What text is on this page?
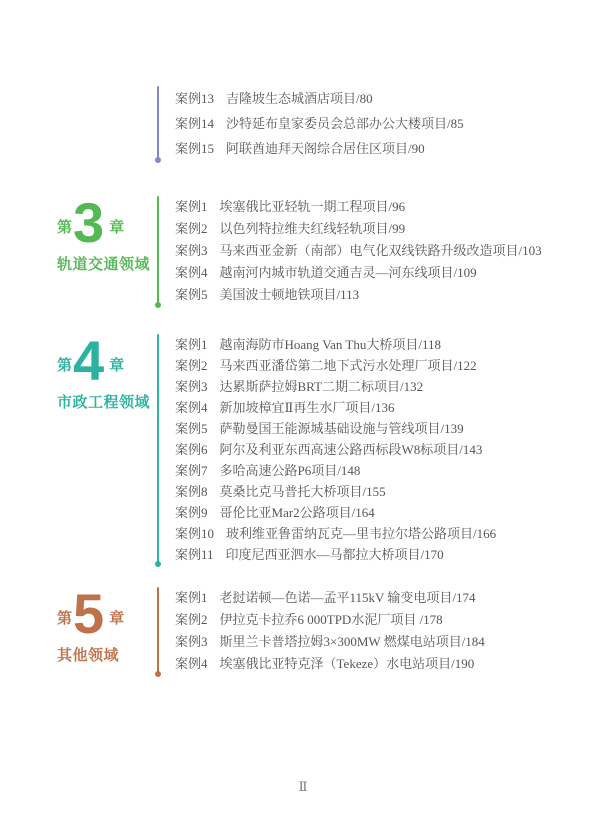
案例13 吉隆坡生态城酒店项目/80
案例14 沙特延布皇家委员会总部办公大楼项目/85
案例15 阿联酋迪拜天阁综合居住区项目/90
第 3 章
轨道交通领域
案例1 埃塞俄比亚轻轨一期工程项目/96
案例2 以色列特拉维夫红线轻轨项目/99
案例3 马来西亚金新（南部）电气化双线铁路升级改造项目/103
案例4 越南河内城市轨道交通吉灵—河东线项目/109
案例5 美国波士顿地铁项目/113
第 4 章
市政工程领域
案例1 越南海防市Hoang Van Thu大桥项目/118
案例2 马来西亚潘岱第二地下式污水处理厂项目/122
案例3 达累斯萨拉姆BRT二期二标项目/132
案例4 新加坡樟宜Ⅱ再生水厂项目/136
案例5 萨勒曼国王能源城基础设施与管线项目/139
案例6 阿尔及利亚东西高速公路西标段W8标项目/143
案例7 多哈高速公路P6项目/148
案例8 莫桑比克马普托大桥项目/155
案例9 哥伦比亚Mar2公路项目/164
案例10 玻利维亚鲁雷纳瓦克—里韦拉尔塔公路项目/166
案例11 印度尼西亚泗水—马都拉大桥项目/170
第 5 章
其他领域
案例1 老挝诺顿—色诺—孟平115kV 输变电项目/174
案例2 伊拉克卡拉乔6 000TPD水泥厂项目 /178
案例3 斯里兰卡普塔拉姆3×300MW 燃煤电站项目/184
案例4 埃塞俄比亚特克泽（Tekeze）水电站项目/190
Ⅱ
